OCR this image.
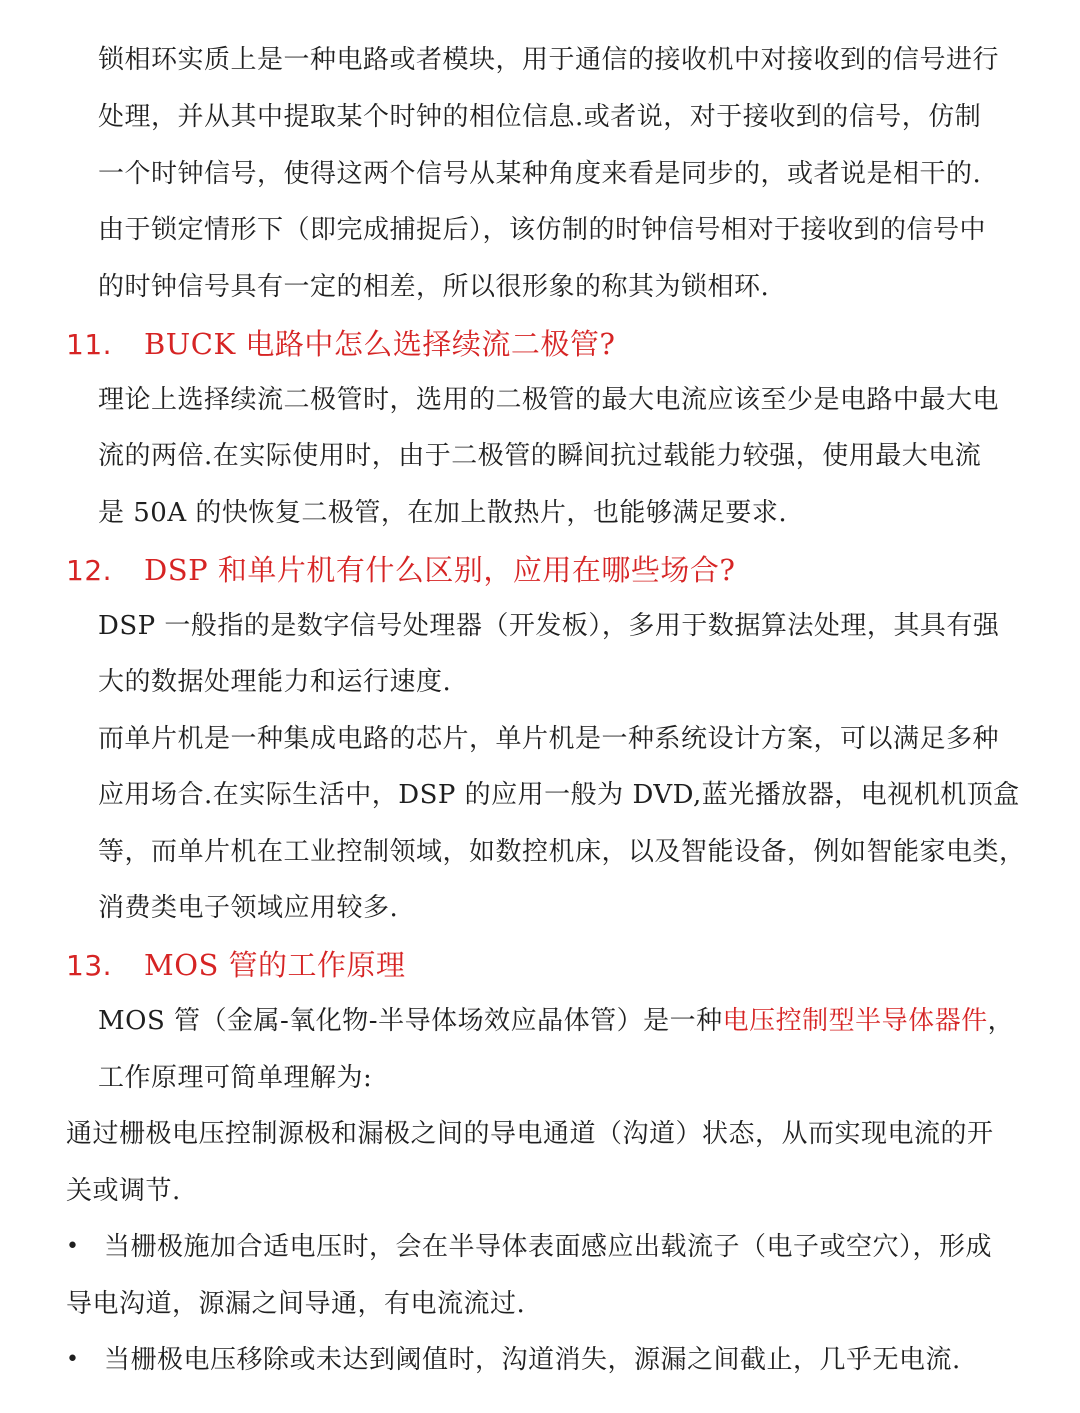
锁相环实质上是一种电路或者模块，用于通信的接收机中对接收到的信号进行
处理，并从其中提取某个时钟的相位信息.或者说，对于接收到的信号，仿制
一个时钟信号，使得这两个信号从某种角度来看是同步的，或者说是相干的.
由于锁定情形下（即完成捕捉后），该仿制的时钟信号相对于接收到的信号中
的时钟信号具有一定的相差，所以很形象的称其为锁相环.
11. BUCK 电路中怎么选择续流二极管?
理论上选择续流二极管时，选用的二极管的最大电流应该至少是电路中最大电
流的两倍.在实际使用时，由于二极管的瞬间抗过载能力较强，使用最大电流
是 50A 的快恢复二极管，在加上散热片，也能够满足要求.
12. DSP 和单片机有什么区别，应用在哪些场合?
DSP 一般指的是数字信号处理器（开发板），多用于数据算法处理，其具有强
大的数据处理能力和运行速度.
而单片机是一种集成电路的芯片，单片机是一种系统设计方案，可以满足多种
应用场合.在实际生活中，DSP 的应用一般为 DVD,蓝光播放器，电视机机顶盒
等，而单片机在工业控制领域，如数控机床，以及智能设备，例如智能家电类，
消费类电子领域应用较多.
13. MOS 管的工作原理
MOS 管（金属-氧化物-半导体场效应晶体管）是一种电压控制型半导体器件，
工作原理可简单理解为:
通过栅极电压控制源极和漏极之间的导电通道（沟道）状态，从而实现电流的开
关或调节.
• 当栅极施加合适电压时，会在半导体表面感应出载流子（电子或空穴），形成
导电沟道，源漏之间导通，有电流流过.
• 当栅极电压移除或未达到阈值时，沟道消失，源漏之间截止，几乎无电流.
